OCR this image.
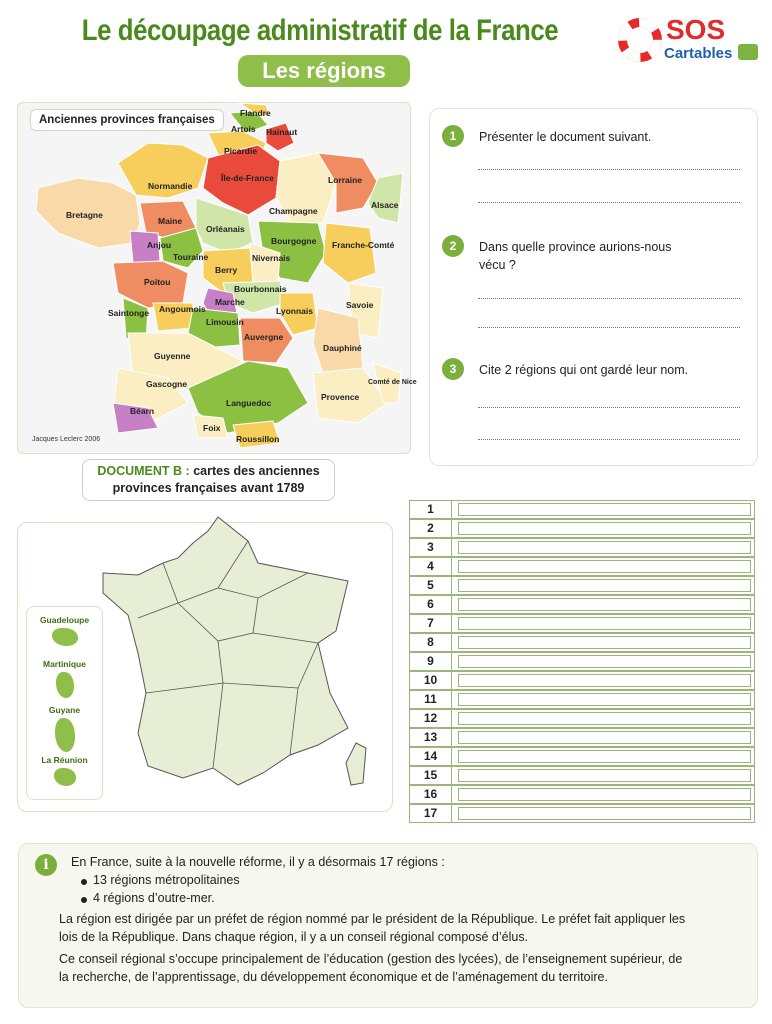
Le découpage administratif de la France
Les régions
SOS
Cartables
Flandre
Artois Hainaut
Picardie
Normandie
Île-de-France	Lorraine
Alsace
Bretagne
Maine
Champagne
Orléanais
Anjou
Touraine
Bourgogne Franche-Comté
Nivernais
Berry
Poitou
Bourbonnais
Marche
Lyonnais
Savoie
Saintonge Angoumois
Limousin
Auvergne
Dauphiné
Guyenne
Gascogne	Comté de Nice
Provence
Béarn
Languedoc
Foix
Roussillon
Anciennes provinces françaises
Jacques Leclerc 2006
DOCUMENT B : cartes des anciennes provinces françaises avant 1789
1	Présenter le document suivant.
2	Dans quelle province aurions-nous vécu ?
3	Cite 2 régions qui ont gardé leur nom.
Guadeloupe
Martinique
Guyane
La Réunion
1
2
3
4
5
6
7
8
9
10
11
12
13
14
15
16
17
i	En France, suite à la nouvelle réforme, il y a désormais 17 régions :
13 régions métropolitaines
4 régions d’outre-mer.
La région est dirigée par un préfet de région nommé par le président de la République. Le préfet fait appliquer les
lois de la République. Dans chaque région, il y a un conseil régional composé d’élus.
Ce conseil régional s’occupe principalement de l’éducation (gestion des lycées), de l’enseignement supérieur, de
la recherche, de l’apprentissage, du développement économique et de l’aménagement du territoire.
